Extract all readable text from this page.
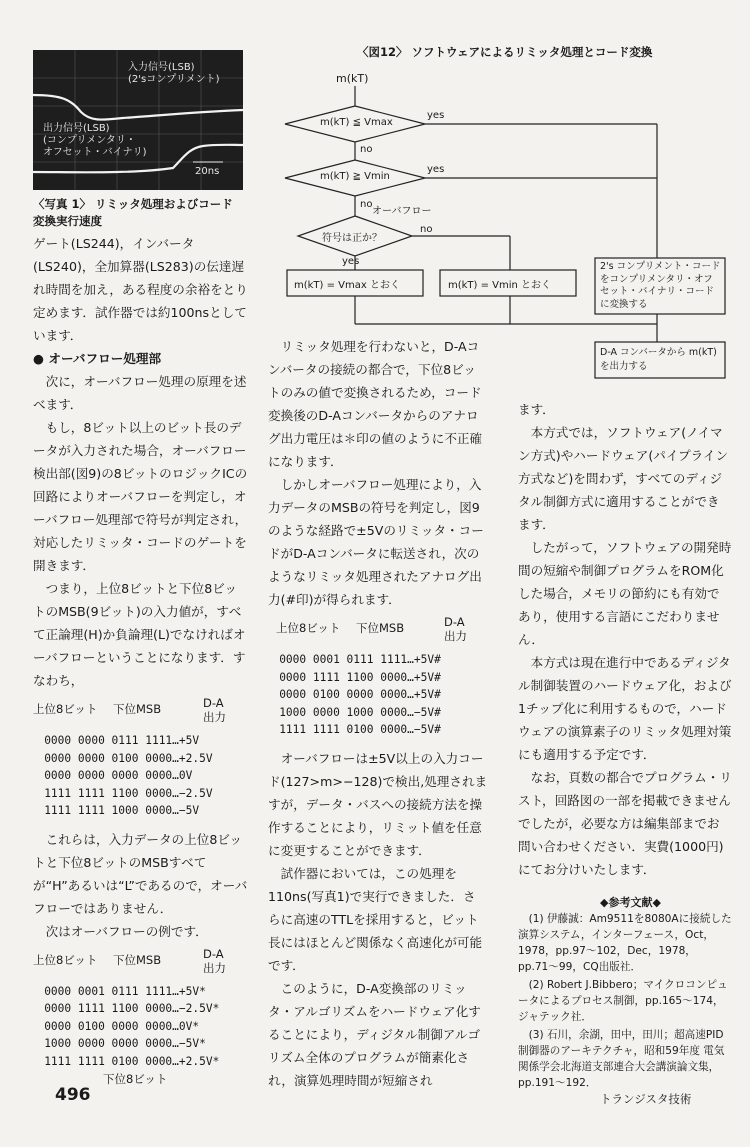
入力信号(LSB)
(2'sコンプリメント)
出力信号(LSB)
(コンプリメンタリ・
オフセット・バイナリ)
20ns
〈写真 1〉 リミッタ処理およびコード
変換実行速度
〈図12〉 ソフトウェアによるリミッタ処理とコード変換
m(kT)
m(kT) ≦ Vmax
m(kT) ≧ Vmin
符号は正か？
yes
yes
no
no
no
yes
オーバフロー
m(kT) = Vmax とおく	m(kT) = Vmin とおく
2's コンプリメント・コードをコンプリメンタリ・オフセット・バイナリ・コードに変換する
D-A コンバータから m(kT) を出力する

ゲート(LS244)，インバータ(LS240)，全加算器(LS283)の伝達遅れ時間を加え，ある程度の余裕をとり定めます．試作器では約100nsとしています．

● オーバフロー処理部

次に，オーバフロー処理の原理を述べます．

もし，8ビット以上のビット長のデータが入力された場合，オーバフロー検出部(図9)の8ビットのロジックICの回路によりオーバフローを判定し，オーバフロー処理部で符号が判定され，対応したリミッタ・コードのゲートを開きます．

つまり，上位8ビットと下位8ビットのMSB(9ビット)の入力値が，すべて正論理(H)か負論理(L)でなければオーバフローということになります．すなわち，

上位8ビット 下位MSB	D-A
出力

0000 0000 0111 1111…+5V

0000 0000 0100 0000…+2.5V

0000 0000 0000 0000…0V

1111 1111 1100 0000…−2.5V

1111 1111 1000 0000…−5V

これらは，入力データの上位8ビットと下位8ビットのMSBすべてが“H”あるいは“L”であるので，オーバフローではありません．

次はオーバフローの例です．

上位8ビット 下位MSB	D-A
出力

0000 0001 0111 1111…+5V*

0000 1111 1100 0000…−2.5V*

0000 0100 0000 0000…0V*

1000 0000 0000 0000…−5V*

1111 1111 0100 0000…+2.5V*

下位8ビット

リミッタ処理を行わないと，D-Aコンバータの接続の都合で，下位8ビットのみの値で変換されるため，コード変換後のD-Aコンバータからのアナログ出力電圧は＊印の値のように不正確になります．

しかしオーバフロー処理により，入力データのMSBの符号を判定し，図9のような経路で±5Vのリミッタ・コードがD-Aコンバータに転送され，次のようなリミッタ処理されたアナログ出力(#印)が得られます．

上位8ビット 下位MSB	D-A
出力

0000 0001 0111 1111…+5V#

0000 1111 1100 0000…+5V#

0000 0100 0000 0000…+5V#

1000 0000 1000 0000…−5V#

1111 1111 0100 0000…−5V#

オーバフローは±5V以上の入力コード(127>m>−128)で検出,処理されますが，データ・バスへの接続方法を操作することにより，リミット値を任意に変更することができます．

試作器においては，この処理を110ns(写真1)で実行できました．さらに高速のTTLを採用すると，ビット長にはほとんど関係なく高速化が可能です．

このように，D-A変換部のリミッタ・アルゴリズムをハードウェア化することにより，ディジタル制御アルゴリズム全体のプログラムが簡素化され，演算処理時間が短縮され

ます．

本方式では，ソフトウェア(ノイマン方式)やハードウェア(パイプライン方式など)を問わず，すべてのディジタル制御方式に適用することができます．

したがって，ソフトウェアの開発時間の短縮や制御プログラムをROM化した場合，メモリの節約にも有効であり，使用する言語にこだわりません．

本方式は現在進行中であるディジタル制御装置のハードウェア化，および1チップ化に利用するもので，ハードウェアの演算素子のリミッタ処理対策にも適用する予定です．

なお，頁数の都合でプログラム・リスト，回路図の一部を掲載できませんでしたが，必要な方は編集部までお問い合わせください．実費(1000円)にてお分けいたします．

◆参考文献◆

(1) 伊藤誠：Am9511を8080Aに接続した演算システム，インターフェース，Oct，1978，pp.97〜102，Dec，1978，pp.71〜99，CQ出版社．

(2) Robert J.Bibbero；マイクロコンピュータによるプロセス制御，pp.165〜174，ジャテック社．

(3) 石川，余湖，田中，田川；超高速PID制御器のアーキテクチャ，昭和59年度 電気関係学会北海道支部連合大会講演論文集，pp.191〜192．

496	トランジスタ技術
